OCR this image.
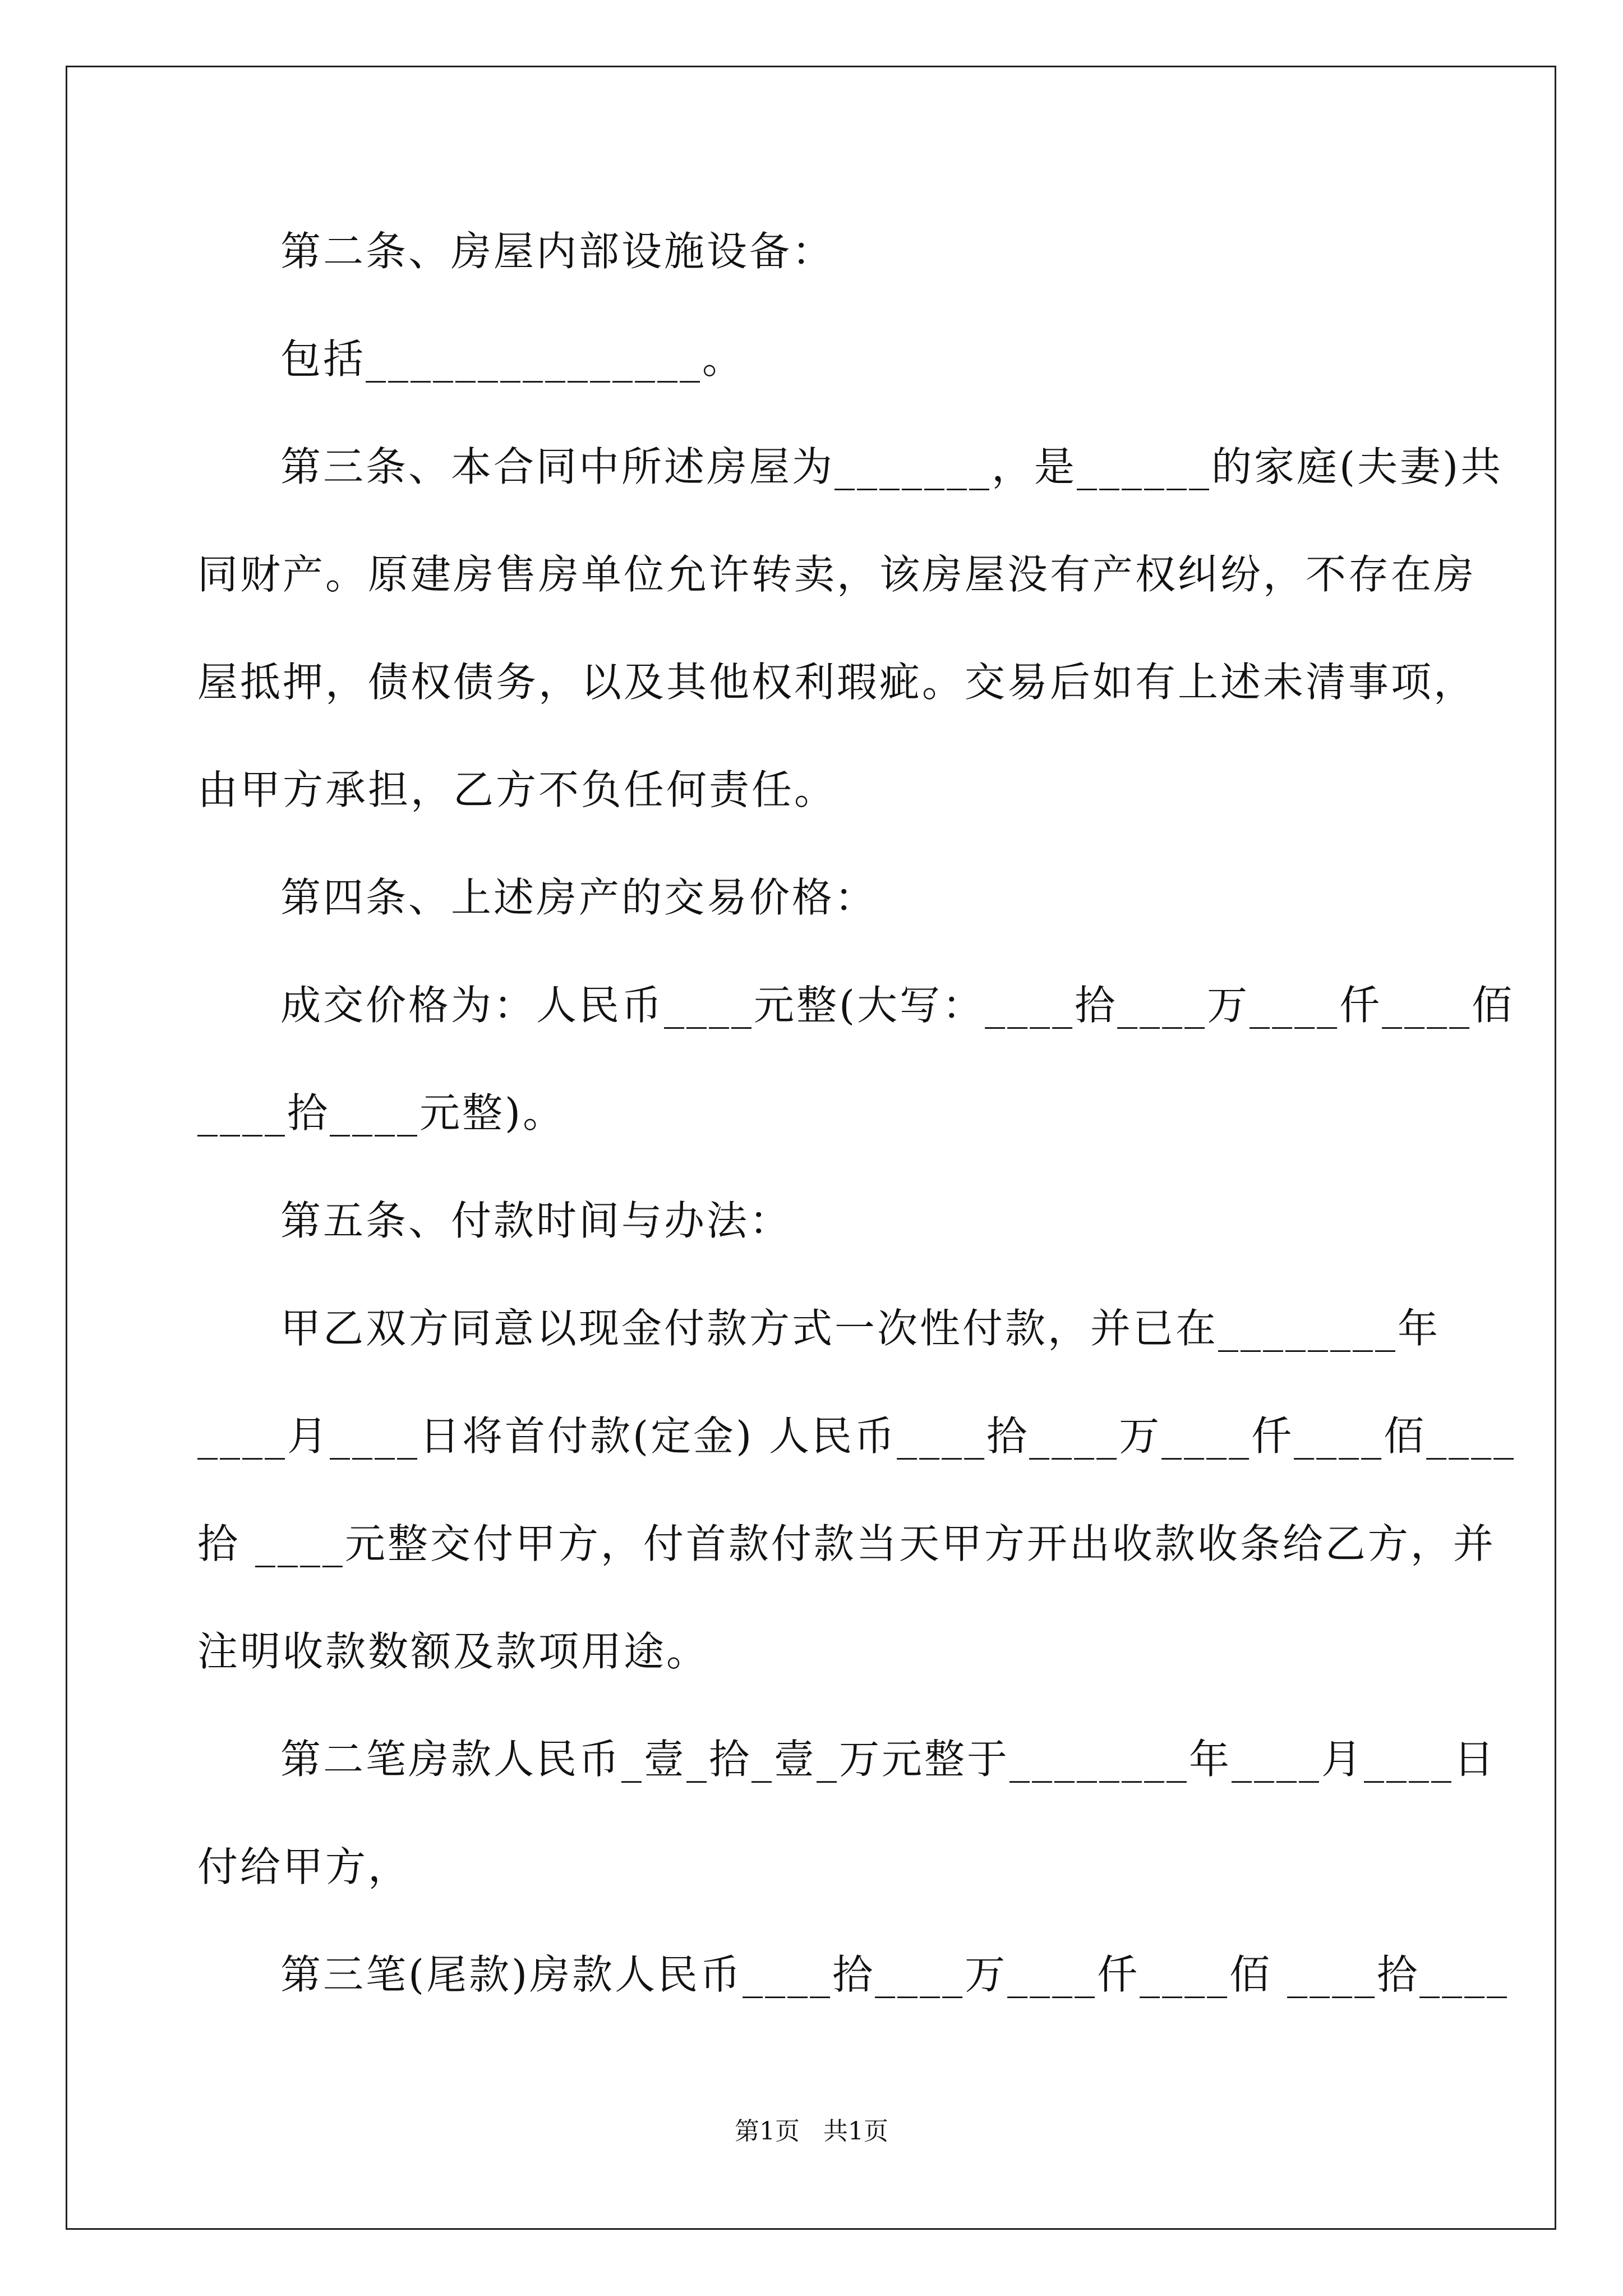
第二条、房屋内部设施设备：
包括_______________。
第三条、本合同中所述房屋为_______，是______的家庭(夫妻)共
同财产。原建房售房单位允许转卖，该房屋没有产权纠纷，不存在房
屋抵押，债权债务，以及其他权利瑕疵。交易后如有上述未清事项，
由甲方承担，乙方不负任何责任。
第四条、上述房产的交易价格：
成交价格为：人民币____元整(大写：____拾____万____仟____佰
____拾____元整)。
第五条、付款时间与办法：
甲乙双方同意以现金付款方式一次性付款，并已在________年
____月____日将首付款(定金) 人民币____拾____万____仟____佰____
拾 ____元整交付甲方，付首款付款当天甲方开出收款收条给乙方，并
注明收款数额及款项用途。
第二笔房款人民币_壹_拾_壹_万元整于________年____月____日
付给甲方，
第三笔(尾款)房款人民币____拾____万____仟____佰 ____拾____
第1页   共1页
